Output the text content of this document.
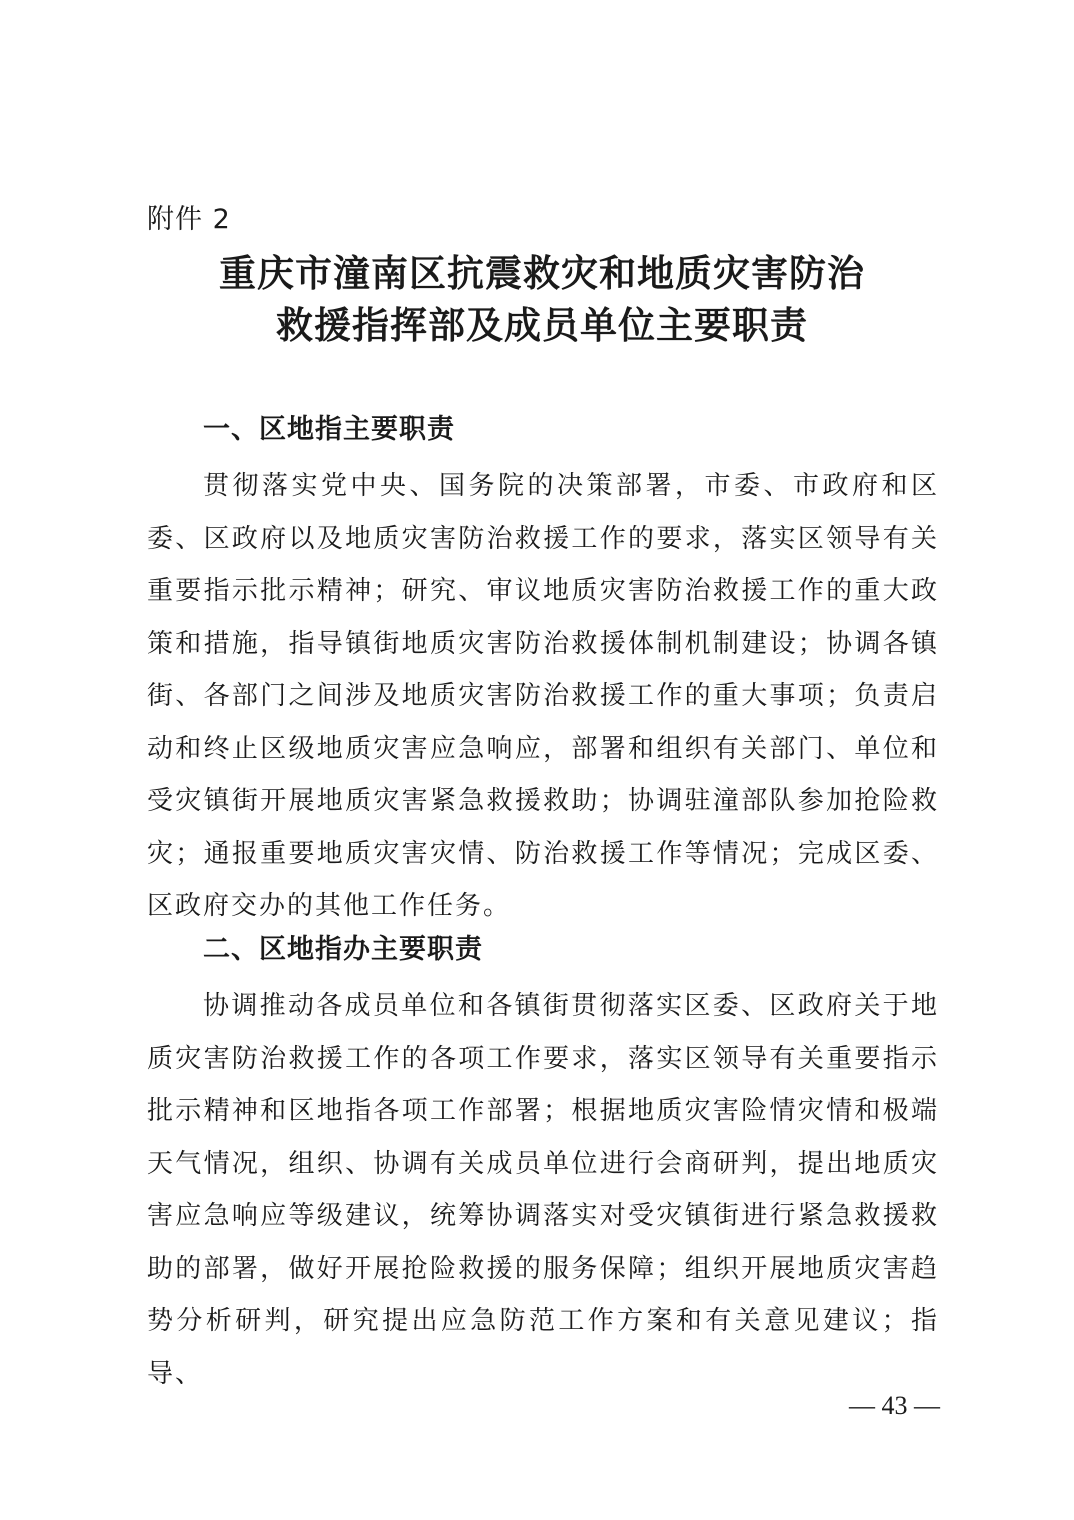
附件 2
重庆市潼南区抗震救灾和地质灾害防治
救援指挥部及成员单位主要职责
一、区地指主要职责

贯彻落实党中央、国务院的决策部署，市委、市政府和区委、区政府以及地质灾害防治救援工作的要求，落实区领导有关重要指示批示精神；研究、审议地质灾害防治救援工作的重大政策和措施，指导镇街地质灾害防治救援体制机制建设；协调各镇街、各部门之间涉及地质灾害防治救援工作的重大事项；负责启动和终止区级地质灾害应急响应，部署和组织有关部门、单位和受灾镇街开展地质灾害紧急救援救助；协调驻潼部队参加抢险救灾；通报重要地质灾害灾情、防治救援工作等情况；完成区委、区政府交办的其他工作任务。

二、区地指办主要职责

协调推动各成员单位和各镇街贯彻落实区委、区政府关于地质灾害防治救援工作的各项工作要求，落实区领导有关重要指示批示精神和区地指各项工作部署；根据地质灾害险情灾情和极端天气情况，组织、协调有关成员单位进行会商研判，提出地质灾害应急响应等级建议，统筹协调落实对受灾镇街进行紧急救援救助的部署，做好开展抢险救援的服务保障；组织开展地质灾害趋势分析研判，研究提出应急防范工作方案和有关意见建议；指导、

— 43 —
